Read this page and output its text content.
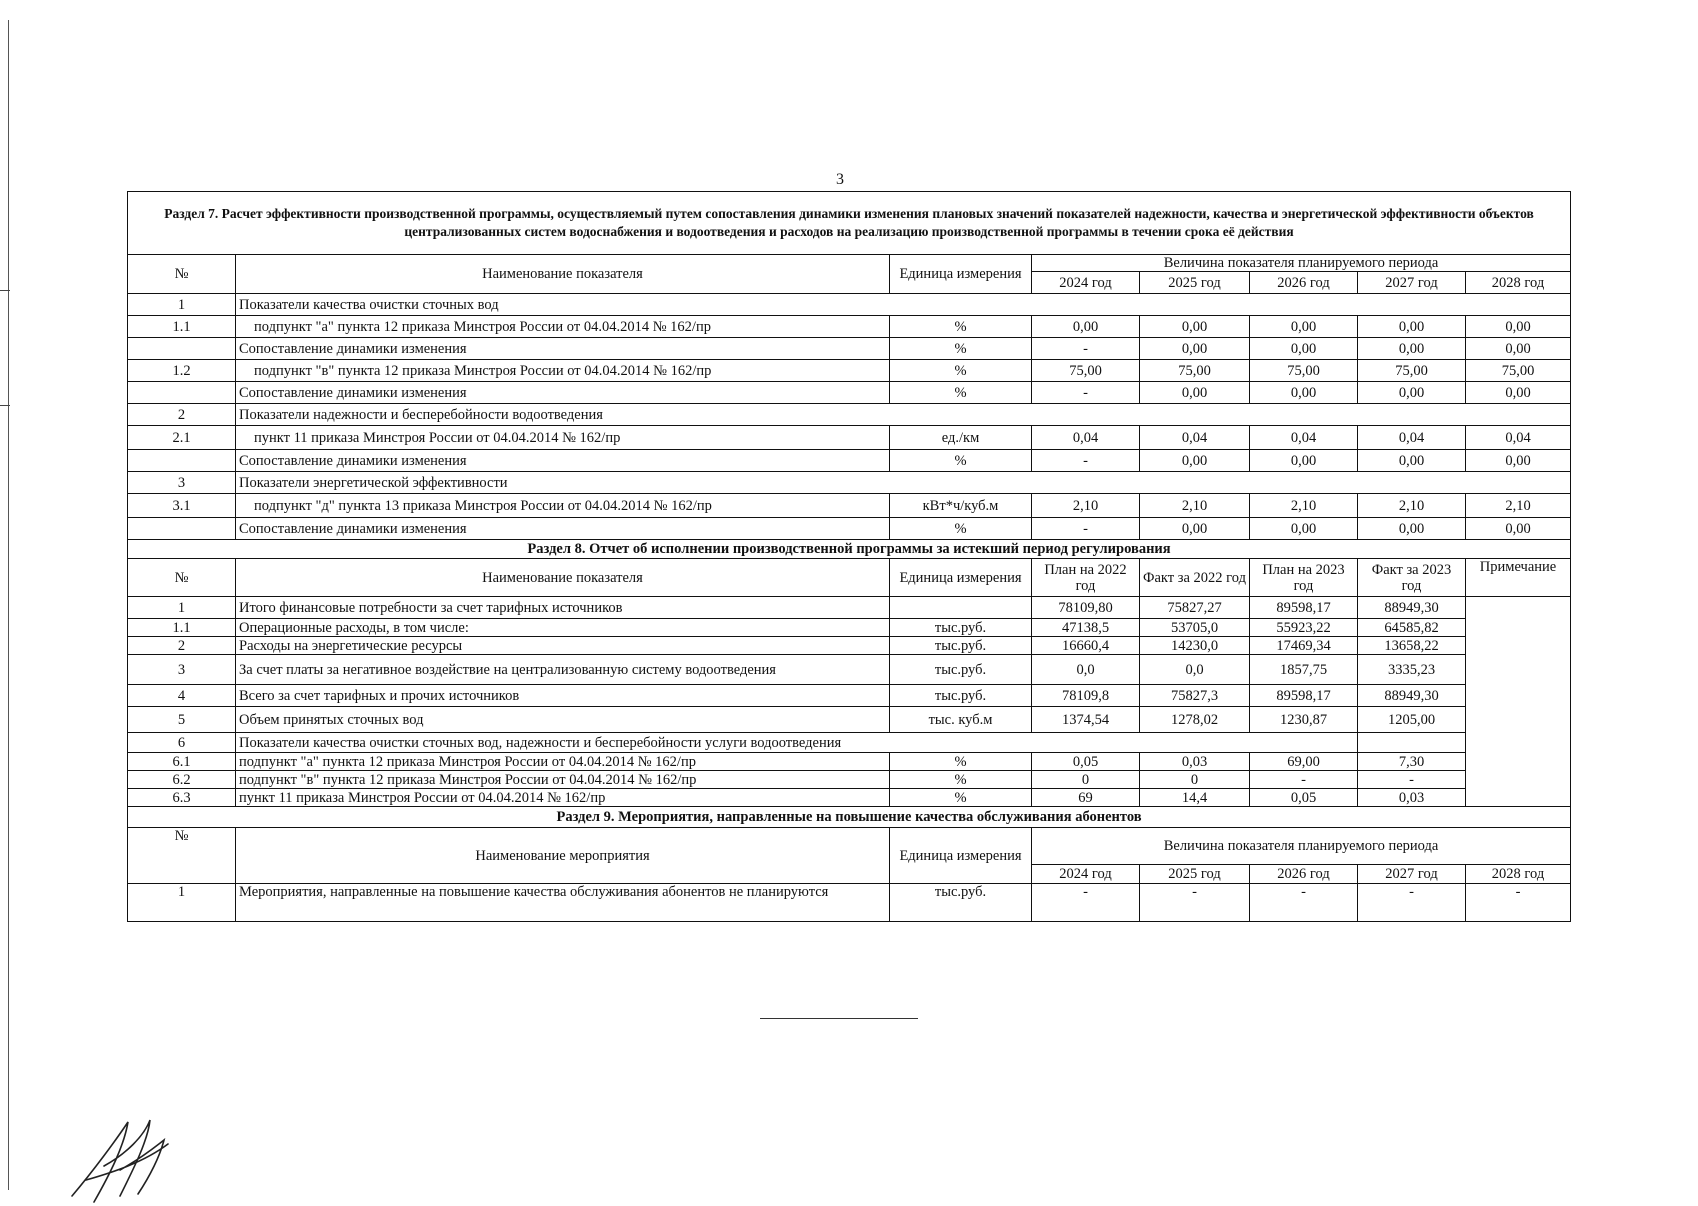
3
Раздел 7. Расчет эффективности производственной программы, осуществляемый путем сопоставления динамики изменения плановых значений показателей надежности, качества и энергетической эффективности объектов централизованных систем водоснабжения и водоотведения и расходов на реализацию производственной программы в течении срока её действия								
№	Наименование показателя	Единица измерения	Величина показателя планируемого периода					
			2024 год	2025 год	2026 год	2027 год	2028 год	
1	Показатели качества очистки сточных вод							
1.1	подпункт "а" пункта 12 приказа Минстроя России от 04.04.2014 № 162/пр	%	0,00	0,00	0,00	0,00	0,00	
	Сопоставление динамики изменения	%	-	0,00	0,00	0,00	0,00	
1.2	подпункт "в" пункта 12 приказа Минстроя России от 04.04.2014 № 162/пр	%	75,00	75,00	75,00	75,00	75,00	
	Сопоставление динамики изменения	%	-	0,00	0,00	0,00	0,00	
2	Показатели надежности и бесперебойности водоотведения							
2.1	пункт 11 приказа Минстроя России от 04.04.2014 № 162/пр	ед./км	0,04	0,04	0,04	0,04	0,04	
	Сопоставление динамики изменения	%	-	0,00	0,00	0,00	0,00	
3	Показатели энергетической эффективности							
3.1	подпункт "д" пункта 13 приказа Минстроя России от 04.04.2014 № 162/пр	кВт*ч/куб.м	2,10	2,10	2,10	2,10	2,10	
	Сопоставление динамики изменения	%	-	0,00	0,00	0,00	0,00	
Раздел 8. Отчет об исполнении производственной программы за истекший период регулирования								
№	Наименование показателя	Единица измерения	План на 2022 год	Факт за 2022 год	План на 2023 год	Факт за 2023 год	Примечание	
1	Итого финансовые потребности за счет тарифных источников		78109,80	75827,27	89598,17	88949,30		
1.1	Операционные расходы, в том числе:	тыс.руб.	47138,5	53705,0	55923,22	64585,82		
2	Расходы на энергетические ресурсы	тыс.руб.	16660,4	14230,0	17469,34	13658,22		
3	За счет платы за негативное воздействие на централизованную систему водоотведения	тыс.руб.	0,0	0,0	1857,75	3335,23		
4	Всего за счет тарифных и прочих источников	тыс.руб.	78109,8	75827,3	89598,17	88949,30		
5	Объем принятых сточных вод	тыс. куб.м	1374,54	1278,02	1230,87	1205,00		
6	Показатели качества очистки сточных вод, надежности и бесперебойности услуги водоотведения							
6.1	подпункт "а" пункта 12 приказа Минстроя России от 04.04.2014 № 162/пр	%	0,05	0,03	69,00	7,30		
6.2	подпункт "в" пункта 12 приказа Минстроя России от 04.04.2014 № 162/пр	%	0	0	-	-		
6.3	пункт 11 приказа Минстроя России от 04.04.2014 № 162/пр	%	69	14,4	0,05	0,03		
Раздел 9. Мероприятия, направленные на повышение качества обслуживания абонентов								
№	Наименование мероприятия	Единица измерения	Величина показателя планируемого периода					
			2024 год	2025 год	2026 год	2027 год	2028 год	
1	Мероприятия, направленные на повышение качества обслуживания абонентов не планируются	тыс.руб.	-	-	-	-	-	
